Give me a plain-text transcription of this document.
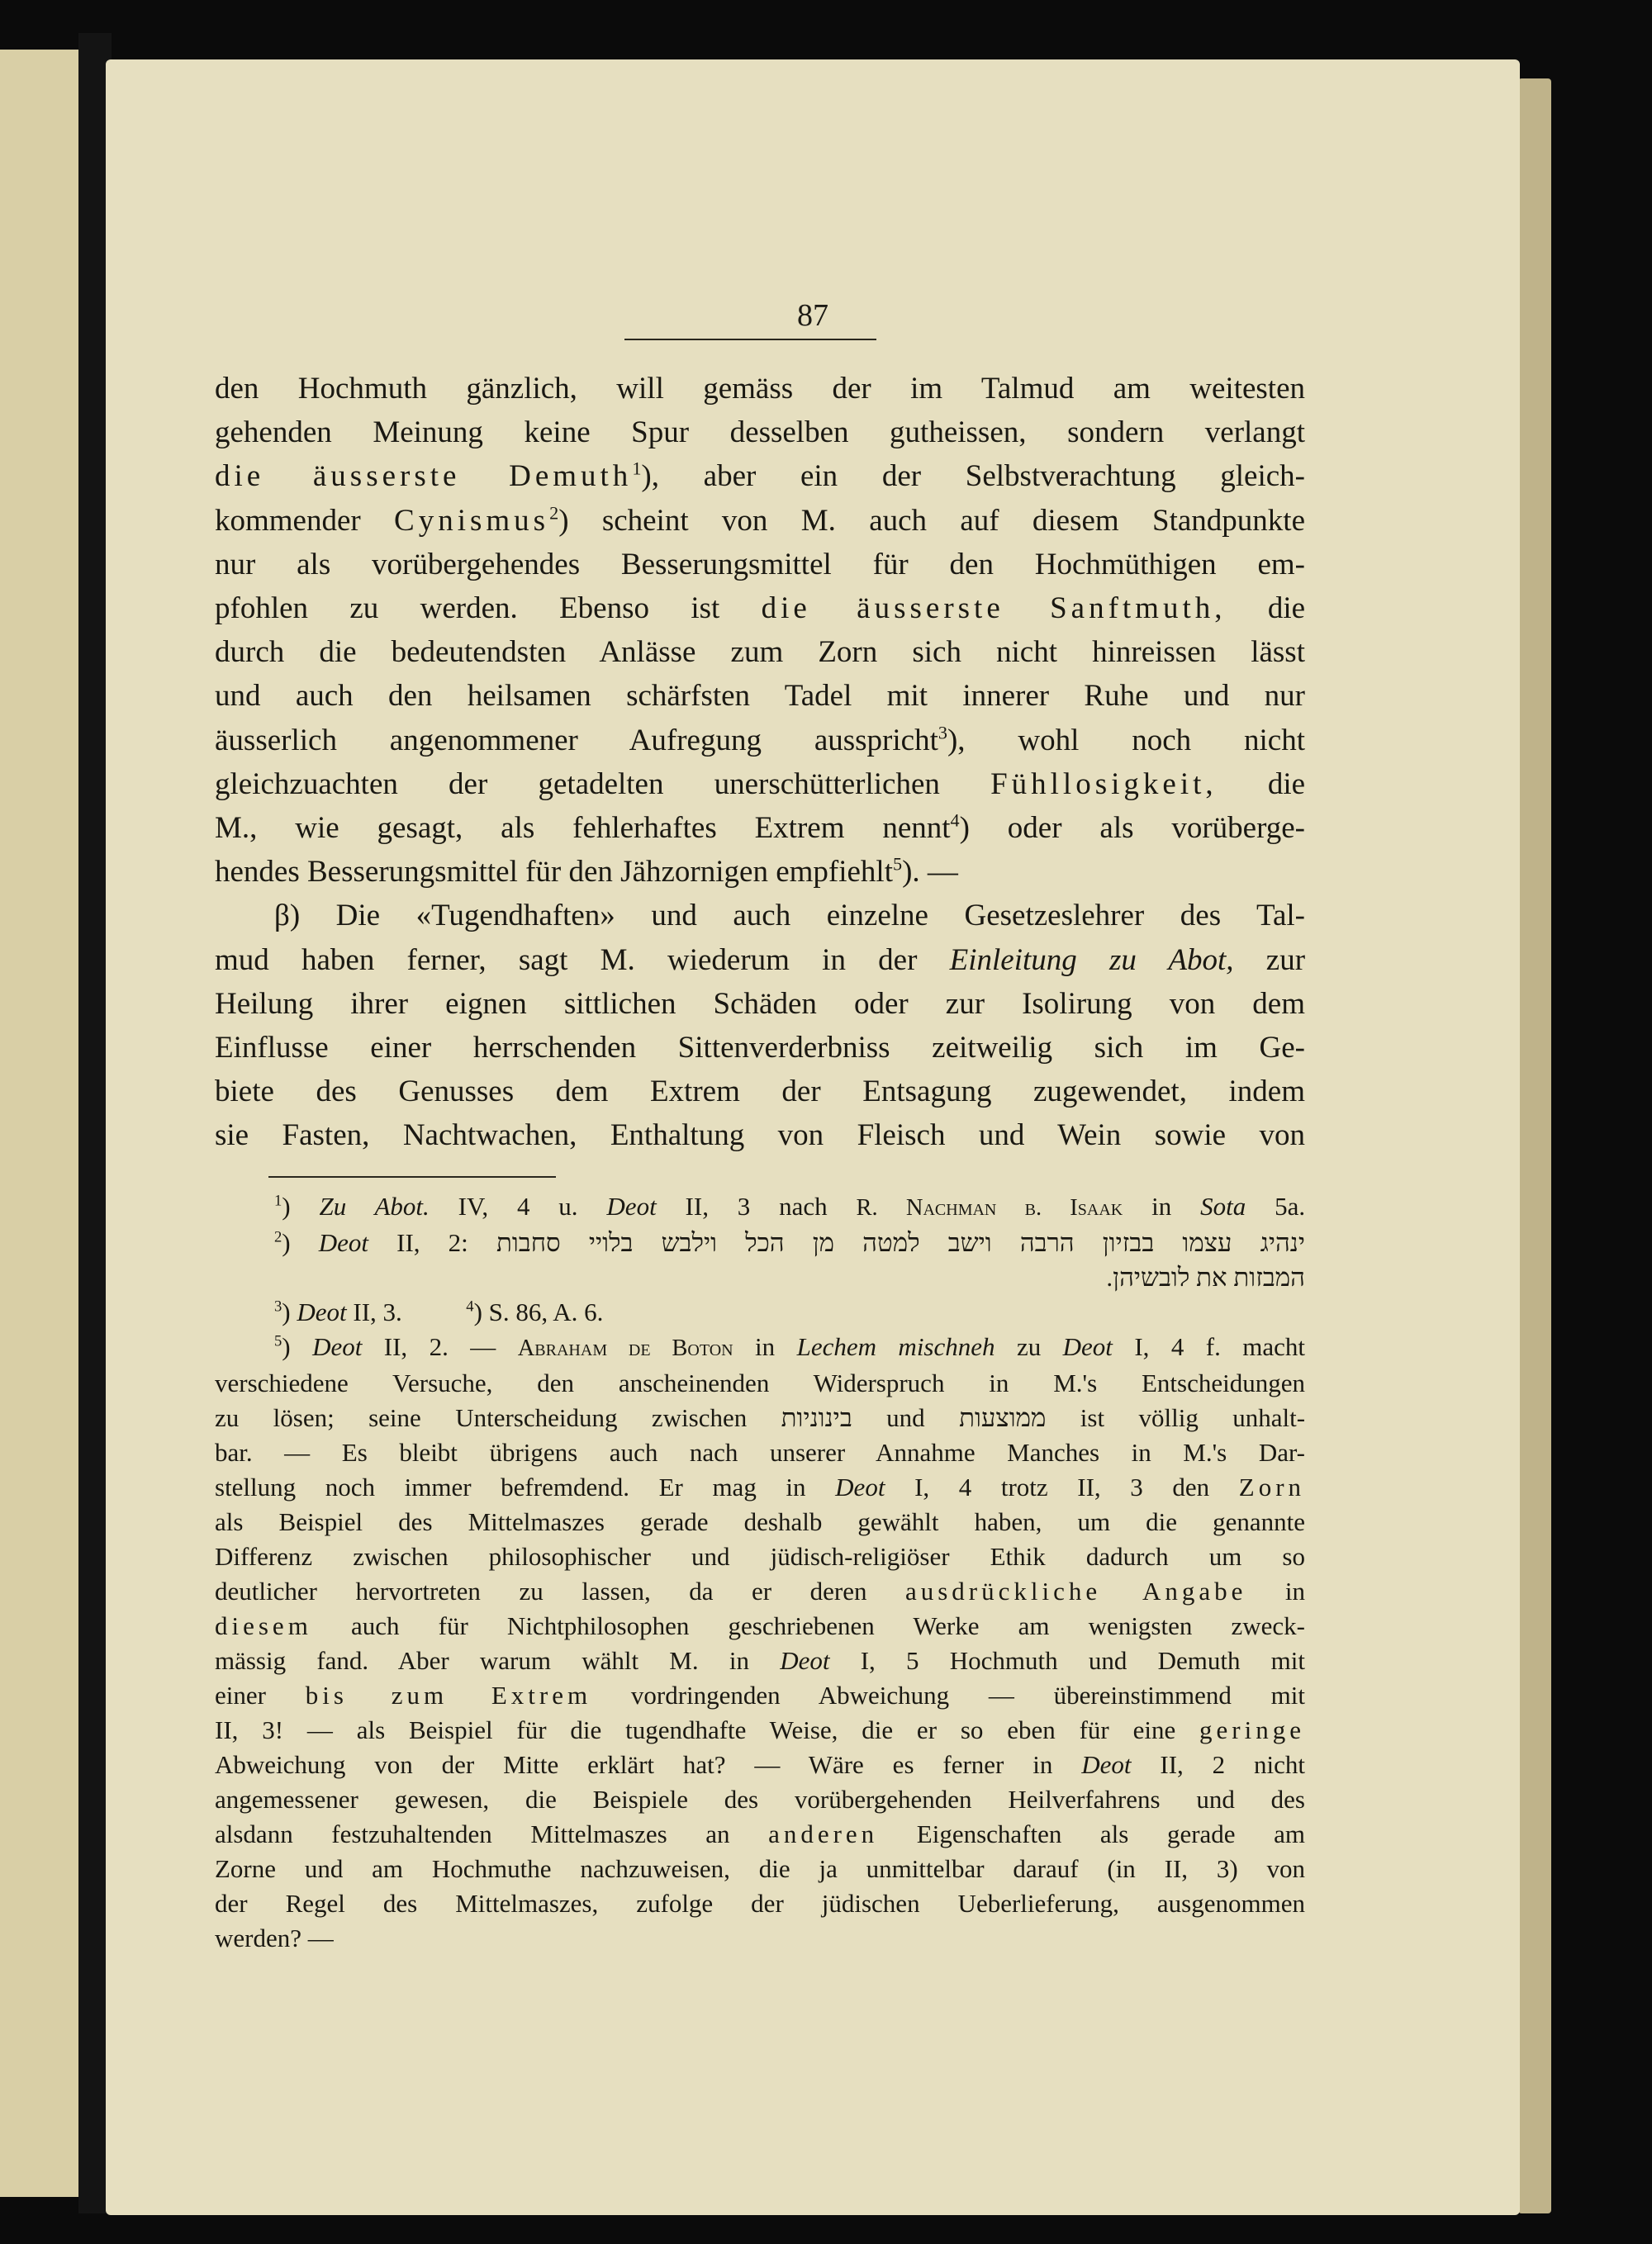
87
den Hochmuth gänzlich, will gemäss der im Talmud am weitesten
gehenden Meinung keine Spur desselben gutheissen, sondern verlangt
die äusserste Demuth$^1$), aber ein der Selbstverachtung gleich-
kommender Cynismus$^2$) scheint von M. auch auf diesem Standpunkte
nur als vorübergehendes Besserungsmittel für den Hochmüthigen em-
pfohlen zu werden. Ebenso ist die äusserste Sanftmuth, die
durch die bedeutendsten Anlässe zum Zorn sich nicht hinreissen lässt
und auch den heilsamen schärfsten Tadel mit innerer Ruhe und nur
äusserlich angenommener Aufregung ausspricht$^3$), wohl noch nicht
gleichzuachten der getadelten unerschütterlichen Fühllosigkeit, die
M., wie gesagt, als fehlerhaftes Extrem nennt$^4$) oder als vorüberge-
hendes Besserungsmittel für den Jähzornigen empfiehlt$^5$). —
β) Die «Tugendhaften» und auch einzelne Gesetzeslehrer des Tal-
mud haben ferner, sagt M. wiederum in der Einleitung zu Abot, zur
Heilung ihrer eignen sittlichen Schäden oder zur Isolirung von dem
Einflusse einer herrschenden Sittenverderbniss zeitweilig sich im Ge-
biete des Genusses dem Extrem der Entsagung zugewendet, indem
sie Fasten, Nachtwachen, Enthaltung von Fleisch und Wein sowie von
$^1$) Zu Abot. IV, 4 u. Deot II, 3 nach R. Nachman b. Isaak in Sota 5a.
$^2$) Deot II, 2: ינהיג עצמו בבזיון הרבה וישב למטה מן הכל וילבש בלויי סחבות
המבזות את לובשיהן.
$^3$) Deot II, 3.	$^4$) S. 86, A. 6.
$^5$) Deot II, 2. — Abraham de Boton in Lechem mischneh zu Deot I, 4 f. macht
verschiedene Versuche, den anscheinenden Widerspruch in M.'s Entscheidungen
zu lösen; seine Unterscheidung zwischen בינוניות und ממוצעות ist völlig unhalt-
bar. — Es bleibt übrigens auch nach unserer Annahme Manches in M.'s Dar-
stellung noch immer befremdend. Er mag in Deot I, 4 trotz II, 3 den Zorn
als Beispiel des Mittelmaszes gerade deshalb gewählt haben, um die genannte
Differenz zwischen philosophischer und jüdisch-religiöser Ethik dadurch um so
deutlicher hervortreten zu lassen, da er deren ausdrückliche Angabe in
diesem auch für Nichtphilosophen geschriebenen Werke am wenigsten zweck-
mässig fand. Aber warum wählt M. in Deot I, 5 Hochmuth und Demuth mit
einer bis zum Extrem vordringenden Abweichung — übereinstimmend mit
II, 3! — als Beispiel für die tugendhafte Weise, die er so eben für eine geringe
Abweichung von der Mitte erklärt hat? — Wäre es ferner in Deot II, 2 nicht
angemessener gewesen, die Beispiele des vorübergehenden Heilverfahrens und des
alsdann festzuhaltenden Mittelmaszes an anderen Eigenschaften als gerade am
Zorne und am Hochmuthe nachzuweisen, die ja unmittelbar darauf (in II, 3) von
der Regel des Mittelmaszes, zufolge der jüdischen Ueberlieferung, ausgenommen
werden? —
